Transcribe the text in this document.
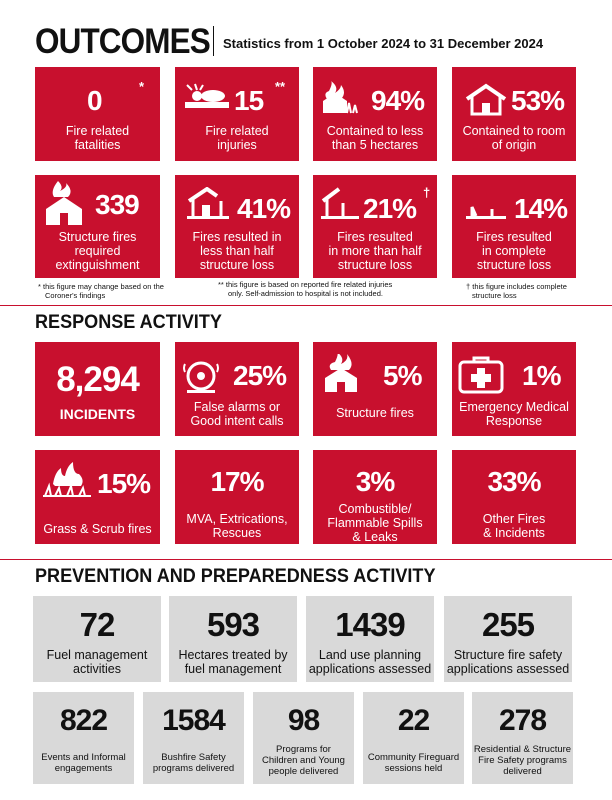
OUTCOMES Statistics from 1 October 2024 to 31 December 2024
0	*
Fire related
fatalities
15 **
Fire related
injuries
94%
Contained to less
than 5 hectares
53%
Contained to room
of origin
339
Structure fires
required
extinguishment
41%
Fires resulted in
less than half
structure loss
21%
†
Fires resulted
in more than half
structure loss
14%
Fires resulted
in complete
structure loss
* this figure may change based on the
Coroner's findings
** this figure is based on reported fire related injuries
only. Self-admission to hospital is not included.
† this figure includes complete
structure loss
RESPONSE ACTIVITY
8,294
INCIDENTS
25%
False alarms or
Good intent calls
5%
Structure fires
1%
Emergency Medical
Response
15%
Grass & Scrub fires
17%
MVA, Extrications,
Rescues
3%
Combustible/
Flammable Spills
& Leaks
33%
Other Fires
& Incidents
PREVENTION AND PREPAREDNESS ACTIVITY
72
Fuel management
activities
593
Hectares treated by
fuel management
1439
Land use planning
applications assessed
255
Structure fire safety
applications assessed
822
Events and Informal
engagements
1584
Bushfire Safety
programs delivered
98
Programs for
Children and Young
people delivered
22
Community Fireguard
sessions held
278
Residential & Structure
Fire Safety programs
delivered
